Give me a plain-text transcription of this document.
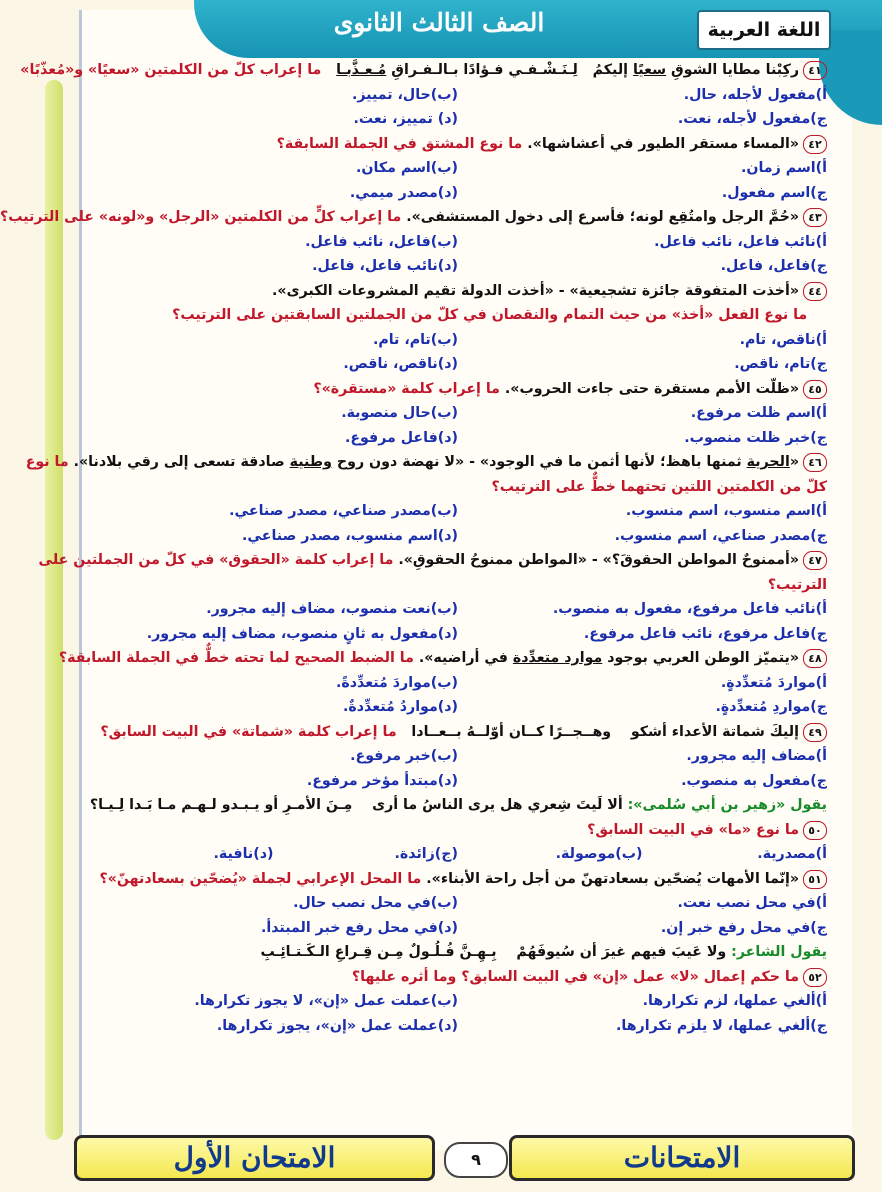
الصف الثالث الثانوى	اللغة العربية
٤١ركِبْنا مطايا الشوقِ سعيًا إليكمُ   لِـنَـشْـفـي فـؤادًا بـالـفـراقِ مُـعـذَّبـا   ما إعراب كلّ من الكلمتين «سعيًا» و«مُعذّبًا»
أ)مفعول لأجله، حال.
(ب)حال، تمييز.
ج)مفعول لأجله، نعت.
(د) تمييز، نعت.
٤٢«المساء مستقر الطيور في أعشاشها». ما نوع المشتق في الجملة السابقة؟
أ)اسم زمان.
(ب)اسم مكان.
ج)اسم مفعول.
(د)مصدر ميمي.
٤٣«حُمَّ الرجل وامتُقِع لونه؛ فأسرع إلى دخول المستشفى». ما إعراب كلٍّ من الكلمتين «الرجل» و«لونه» على الترتيب؟
أ)نائب فاعل، نائب فاعل.
(ب)فاعل، نائب فاعل.
ج)فاعل، فاعل.
(د)نائب فاعل، فاعل.
٤٤«أخذت المتفوقة جائزة تشجيعية» - «أخذت الدولة تقيم المشروعات الكبرى».
ما نوع الفعل «أخذ» من حيث التمام والنقصان في كلّ من الجملتين السابقتين على الترتيب؟
أ)ناقص، تام.
(ب)تام، تام.
ج)تام، ناقص.
(د)ناقص، ناقص.
٤٥«ظلّت الأمم مستقرة حتى جاءت الحروب». ما إعراب كلمة «مستقرة»؟
أ)اسم ظلت مرفوع.
(ب)حال منصوبة.
ج)خبر ظلت منصوب.
(د)فاعل مرفوع.
٤٦«الحرية ثمنها باهظ؛ لأنها أثمن ما في الوجود» - «لا نهضة دون روح وطنية صادقة تسعى إلى رقي بلادنا». ما نوع
كلّ من الكلمتين اللتين تحتهما خطٌّ على الترتيب؟
أ)اسم منسوب، اسم منسوب.
(ب)مصدر صناعي، مصدر صناعي.
ج)مصدر صناعي، اسم منسوب.
(د)اسم منسوب، مصدر صناعي.
٤٧«أممنوحٌ المواطن الحقوقَ؟» - «المواطن ممنوحُ الحقوقِ». ما إعراب كلمة «الحقوق» في كلّ من الجملتين على
الترتيب؟
أ)نائب فاعل مرفوع، مفعول به منصوب.
(ب)نعت منصوب، مضاف إليه مجرور.
ج)فاعل مرفوع، نائب فاعل مرفوع.
(د)مفعول به ثانٍ منصوب، مضاف إليه مجرور.
٤٨«يتميّز الوطن العربي بوجود موارد متعدِّدة في أراضيه». ما الضبط الصحيح لما تحته خطٌّ في الجملة السابقة؟
أ)مواردَ مُتعدِّدةٍ.
(ب)مواردَ مُتعدِّدةً.
ج)مواردِ مُتعدِّدةٍ.
(د)مواردُ مُتعدِّدةٌ.
٤٩إليكَ شماتة الأعداء أشكو    وهــجــرًا كــان أوّلــهُ بــعــادا   ما إعراب كلمة «شماتة» في البيت السابق؟
أ)مضاف إليه مجرور.
(ب)خبر مرفوع.
ج)مفعول به منصوب.
(د)مبتدأ مؤخر مرفوع.
يقول «زهير بن أبي سُلمى»: ألا لَيتَ شِعري هل يرى الناسُ ما أرى    مِـنَ الأمـرِ أو يـبـدو لـهـم مـا بَـدا لِـيـا؟
٥٠ما نوع «ما» في البيت السابق؟
أ)مصدرية.
(ب)موصولة.
(ج)زائدة.
(د)نافية.
٥١«إنّما الأمهات يُضحّين بسعادتهنّ من أجل راحة الأبناء». ما المحل الإعرابي لجملة «يُضحّين بسعادتهنّ»؟
أ)في محل نصب نعت.
(ب)في محل نصب حال.
ج)في محل رفع خبر إن.
(د)في محل رفع خبر المبتدأ.
يقول الشاعر: ولا عَيبَ فيهم غيرَ أن سُيوفَهُمْ    بِـهِـنَّ فُـلُـولٌ مِـن قِـراعِ الـكَـتـائِـبِ
٥٢ما حكم إعمال «لا» عمل «إن» في البيت السابق؟ وما أثره عليها؟
أ)ألغي عملها، لزم تكرارها.
(ب)عملت عمل «إن»، لا يجوز تكرارها.
ج)ألغي عملها، لا يلزم تكرارها.
(د)عملت عمل «إن»، يجوز تكرارها.
الامتحانات
الامتحان الأول	٩
